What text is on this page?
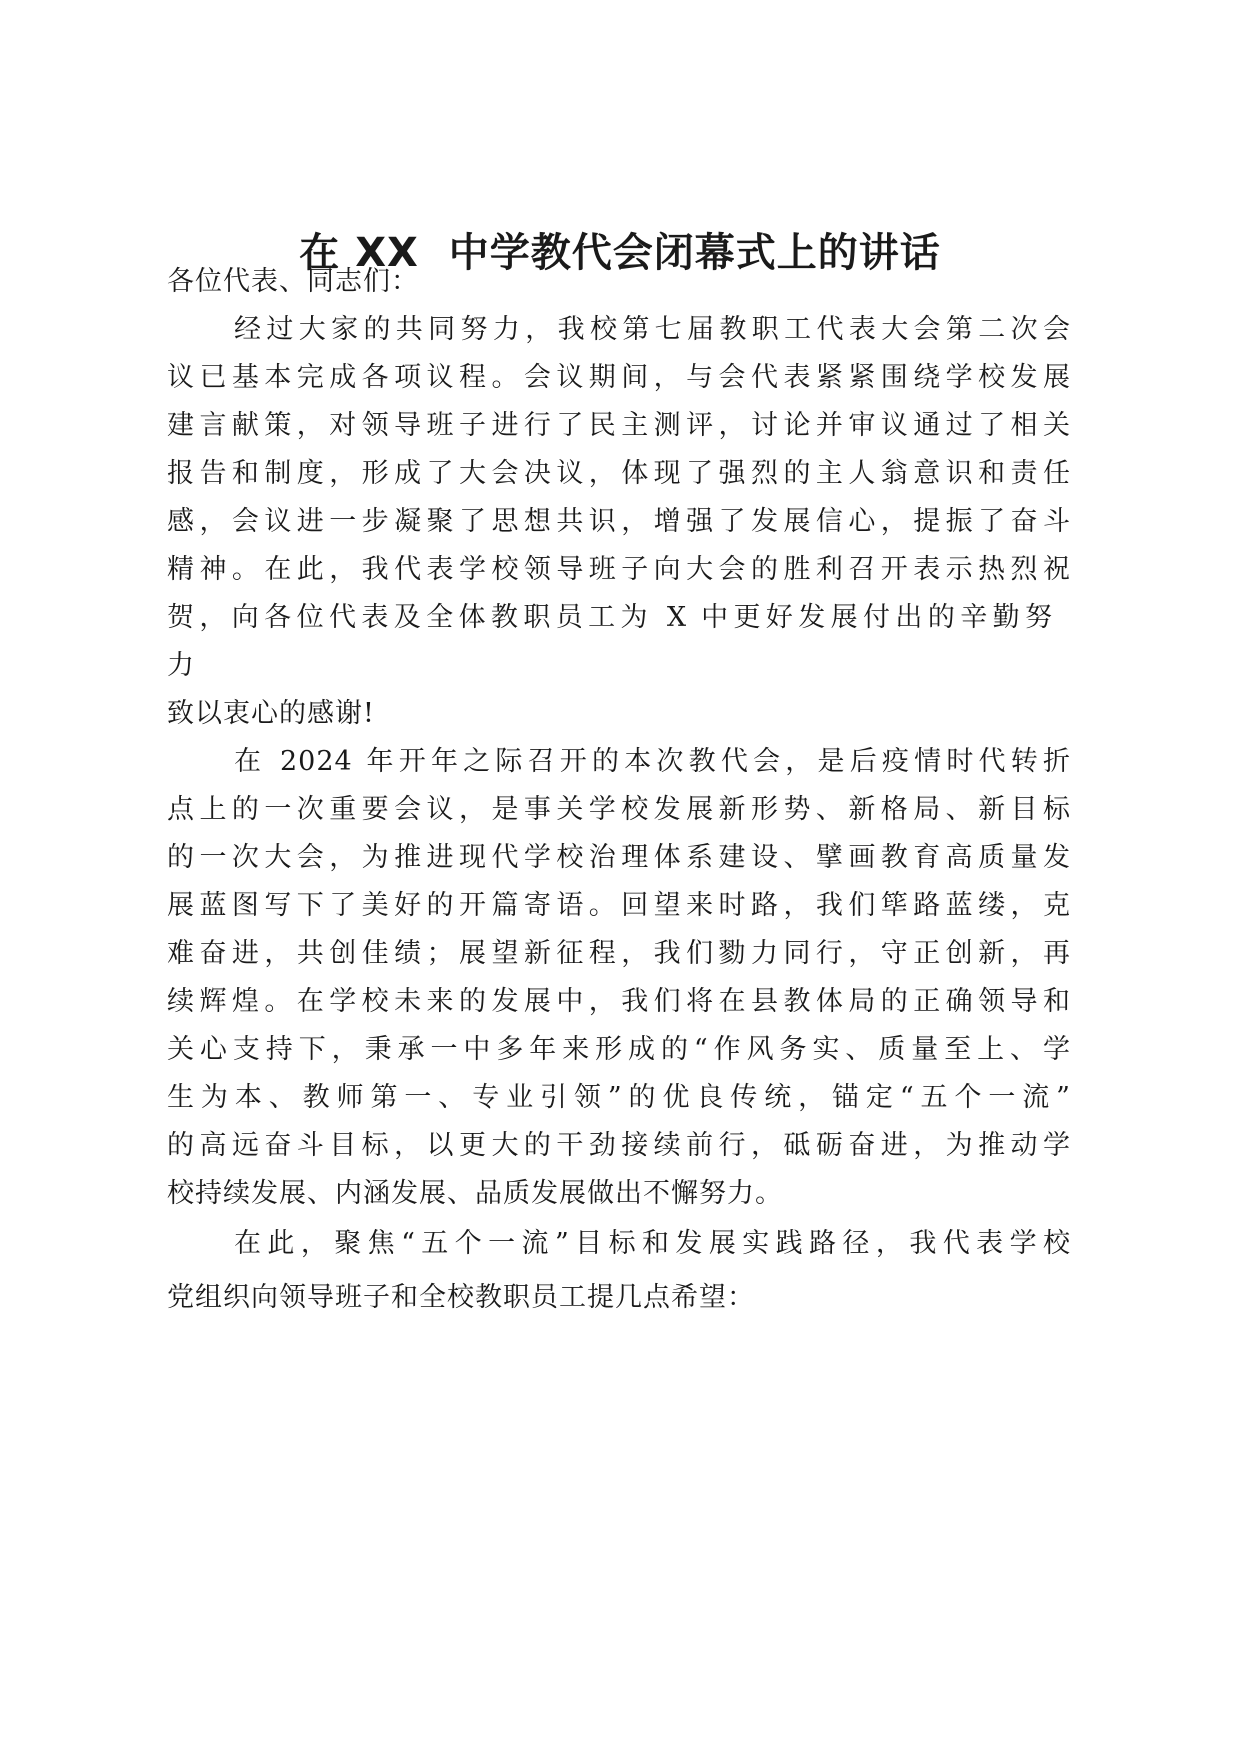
在 XX  中学教代会闭幕式上的讲话
各位代表、同志们：
经过大家的共同努力，我校第七届教职工代表大会第二次会
议已基本完成各项议程。会议期间，与会代表紧紧围绕学校发展
建言献策，对领导班子进行了民主测评，讨论并审议通过了相关
报告和制度，形成了大会决议，体现了强烈的主人翁意识和责任
感，会议进一步凝聚了思想共识，增强了发展信心，提振了奋斗
精神。在此，我代表学校领导班子向大会的胜利召开表示热烈祝
贺，向各位代表及全体教职员工为 X 中更好发展付出的辛勤努
力
致以衷心的感谢!
在 2024 年开年之际召开的本次教代会，是后疫情时代转折
点上的一次重要会议，是事关学校发展新形势、新格局、新目标
的一次大会，为推进现代学校治理体系建设、擘画教育高质量发
展蓝图写下了美好的开篇寄语。回望来时路，我们筚路蓝缕，克
难奋进，共创佳绩；展望新征程，我们勠力同行，守正创新，再
续辉煌。在学校未来的发展中，我们将在县教体局的正确领导和
关心支持下，秉承一中多年来形成的“作风务实、质量至上、学
生为本、教师第一、专业引领”的优良传统，锚定“五个一流”
的高远奋斗目标，以更大的干劲接续前行，砥砺奋进，为推动学
校持续发展、内涵发展、品质发展做出不懈努力。
在此，聚焦“五个一流”目标和发展实践路径，我代表学校
党组织向领导班子和全校教职员工提几点希望：
